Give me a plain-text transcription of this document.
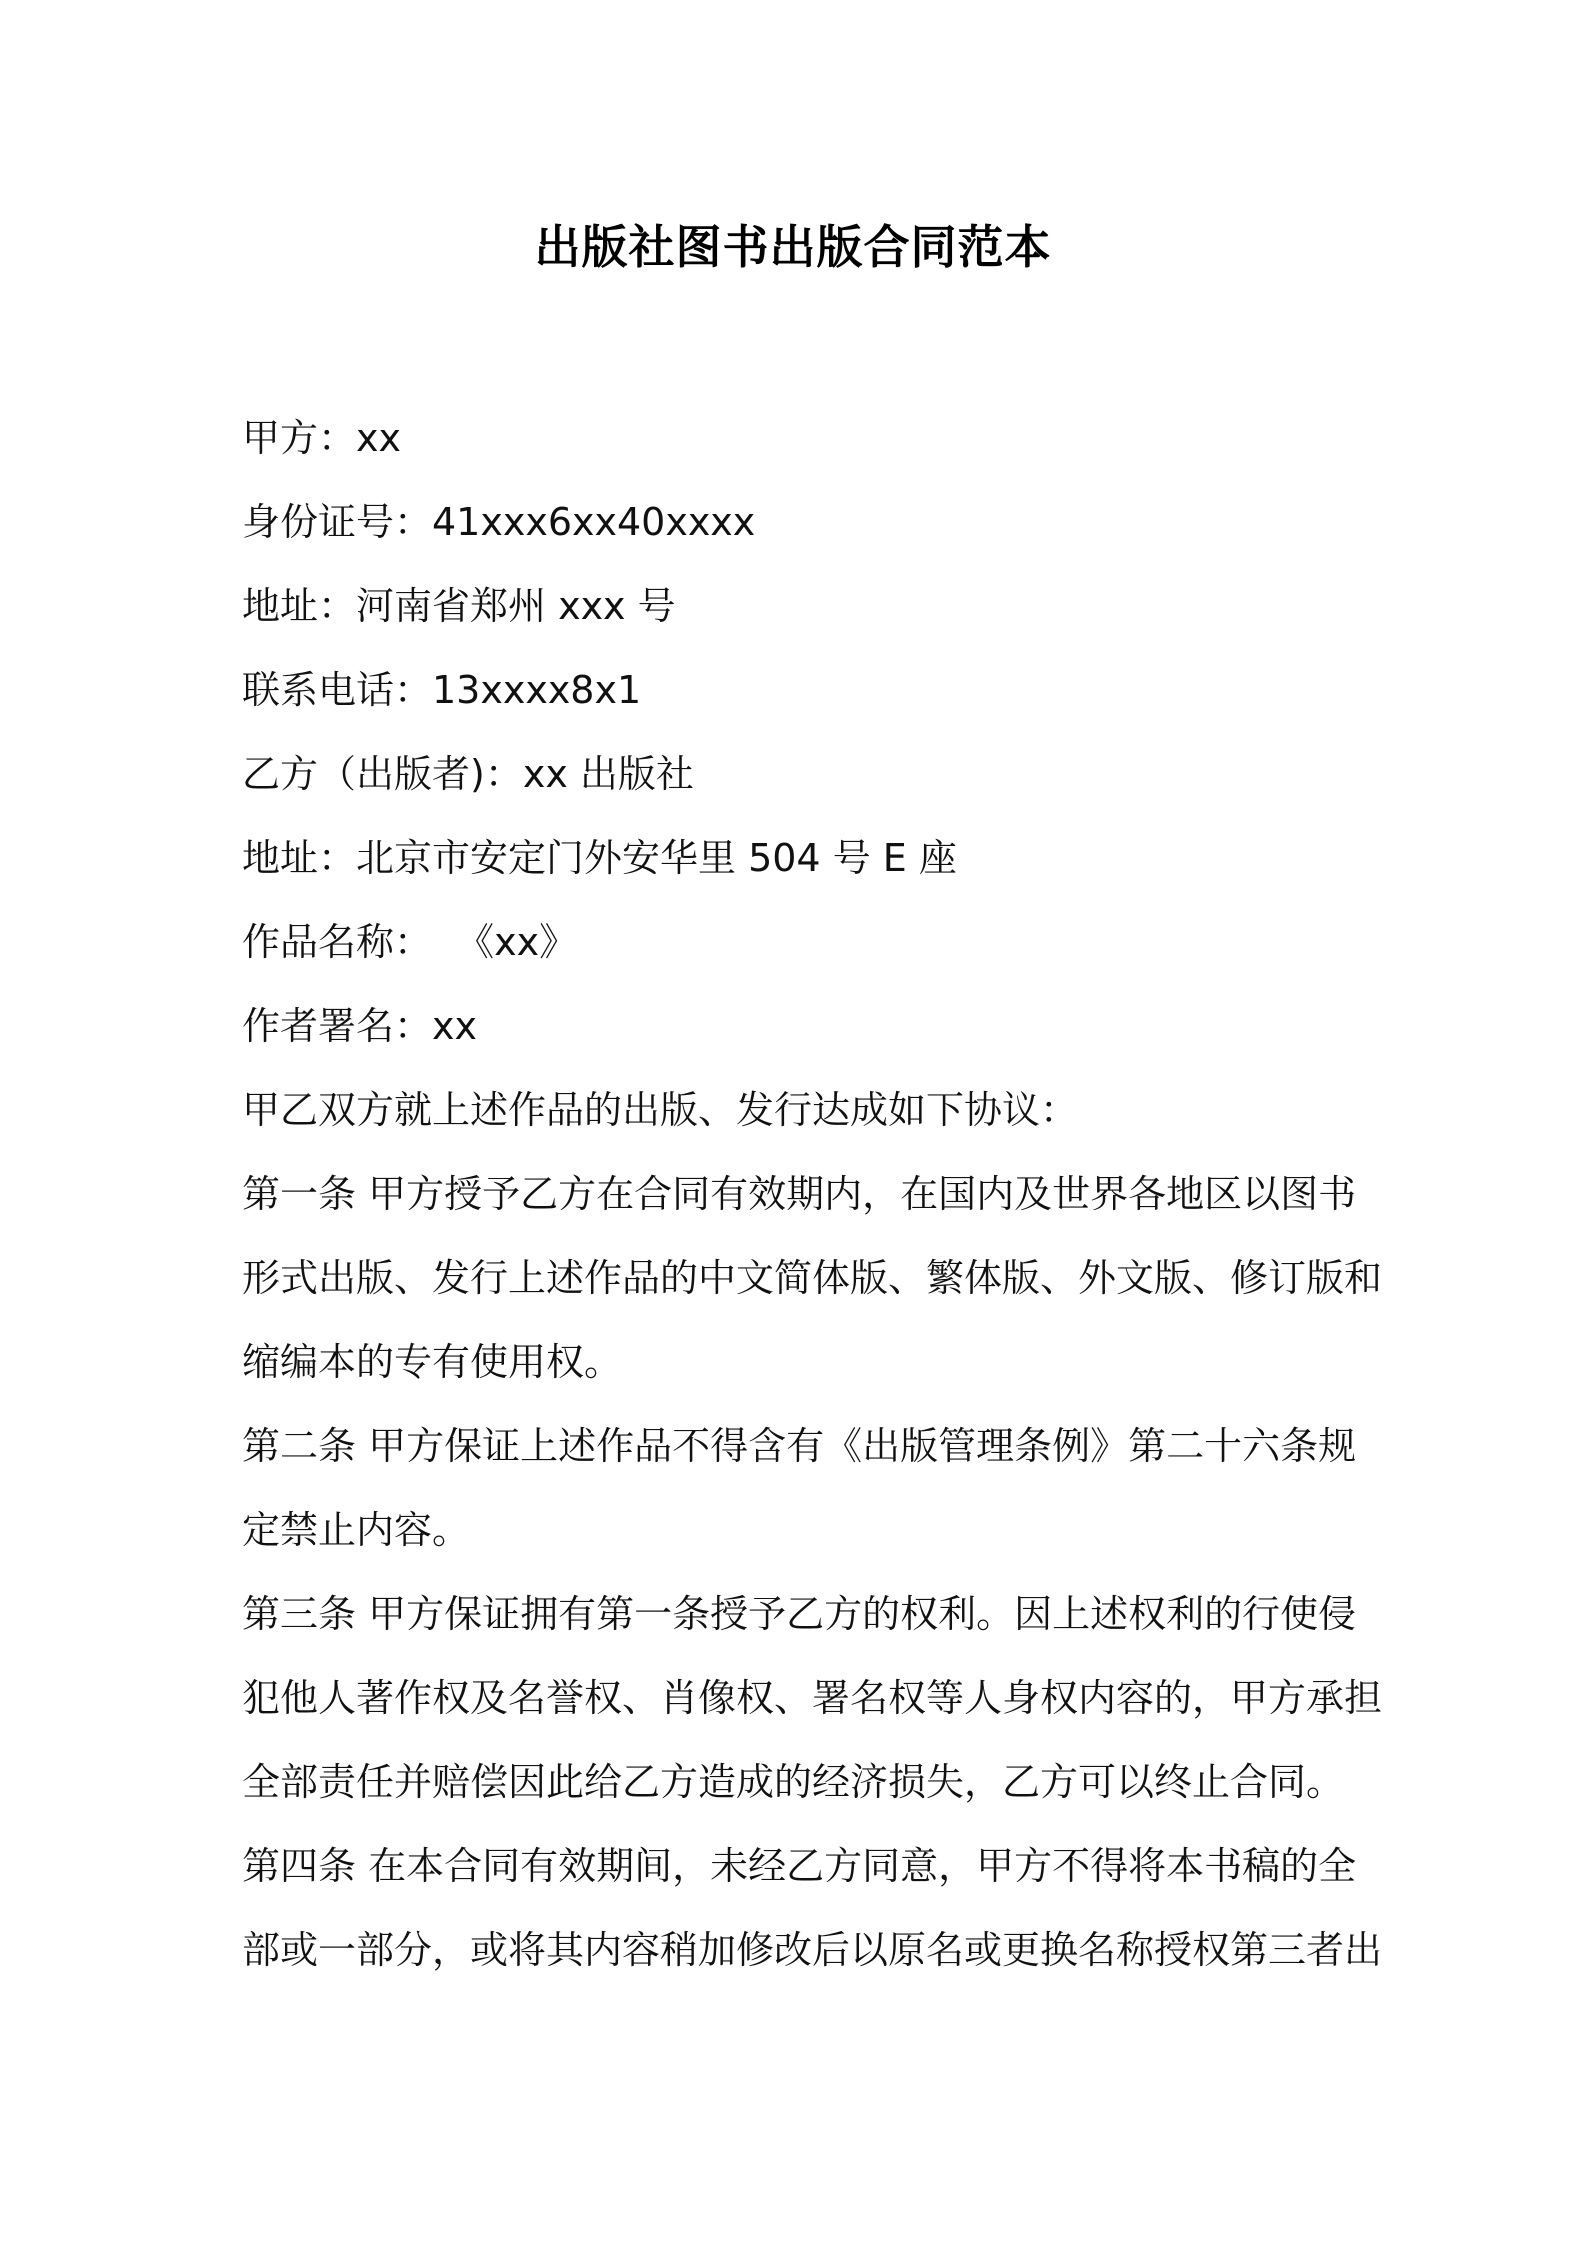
出版社图书出版合同范本
甲方：xx
身份证号：41xxx6xx40xxxx
地址：河南省郑州 xxx 号
联系电话：13xxxx8x1
乙方（出版者)：xx 出版社
地址：北京市安定门外安华里 504 号 E 座
作品名称：  《xx》
作者署名：xx
甲乙双方就上述作品的出版、发行达成如下协议：
第一条 甲方授予乙方在合同有效期内，在国内及世界各地区以图书
形式出版、发行上述作品的中文简体版、繁体版、外文版、修订版和
缩编本的专有使用权。
第二条 甲方保证上述作品不得含有《出版管理条例》第二十六条规
定禁止内容。
第三条 甲方保证拥有第一条授予乙方的权利。因上述权利的行使侵
犯他人著作权及名誉权、肖像权、署名权等人身权内容的，甲方承担
全部责任并赔偿因此给乙方造成的经济损失，乙方可以终止合同。
第四条 在本合同有效期间，未经乙方同意，甲方不得将本书稿的全
部或一部分，或将其内容稍加修改后以原名或更换名称授权第三者出
